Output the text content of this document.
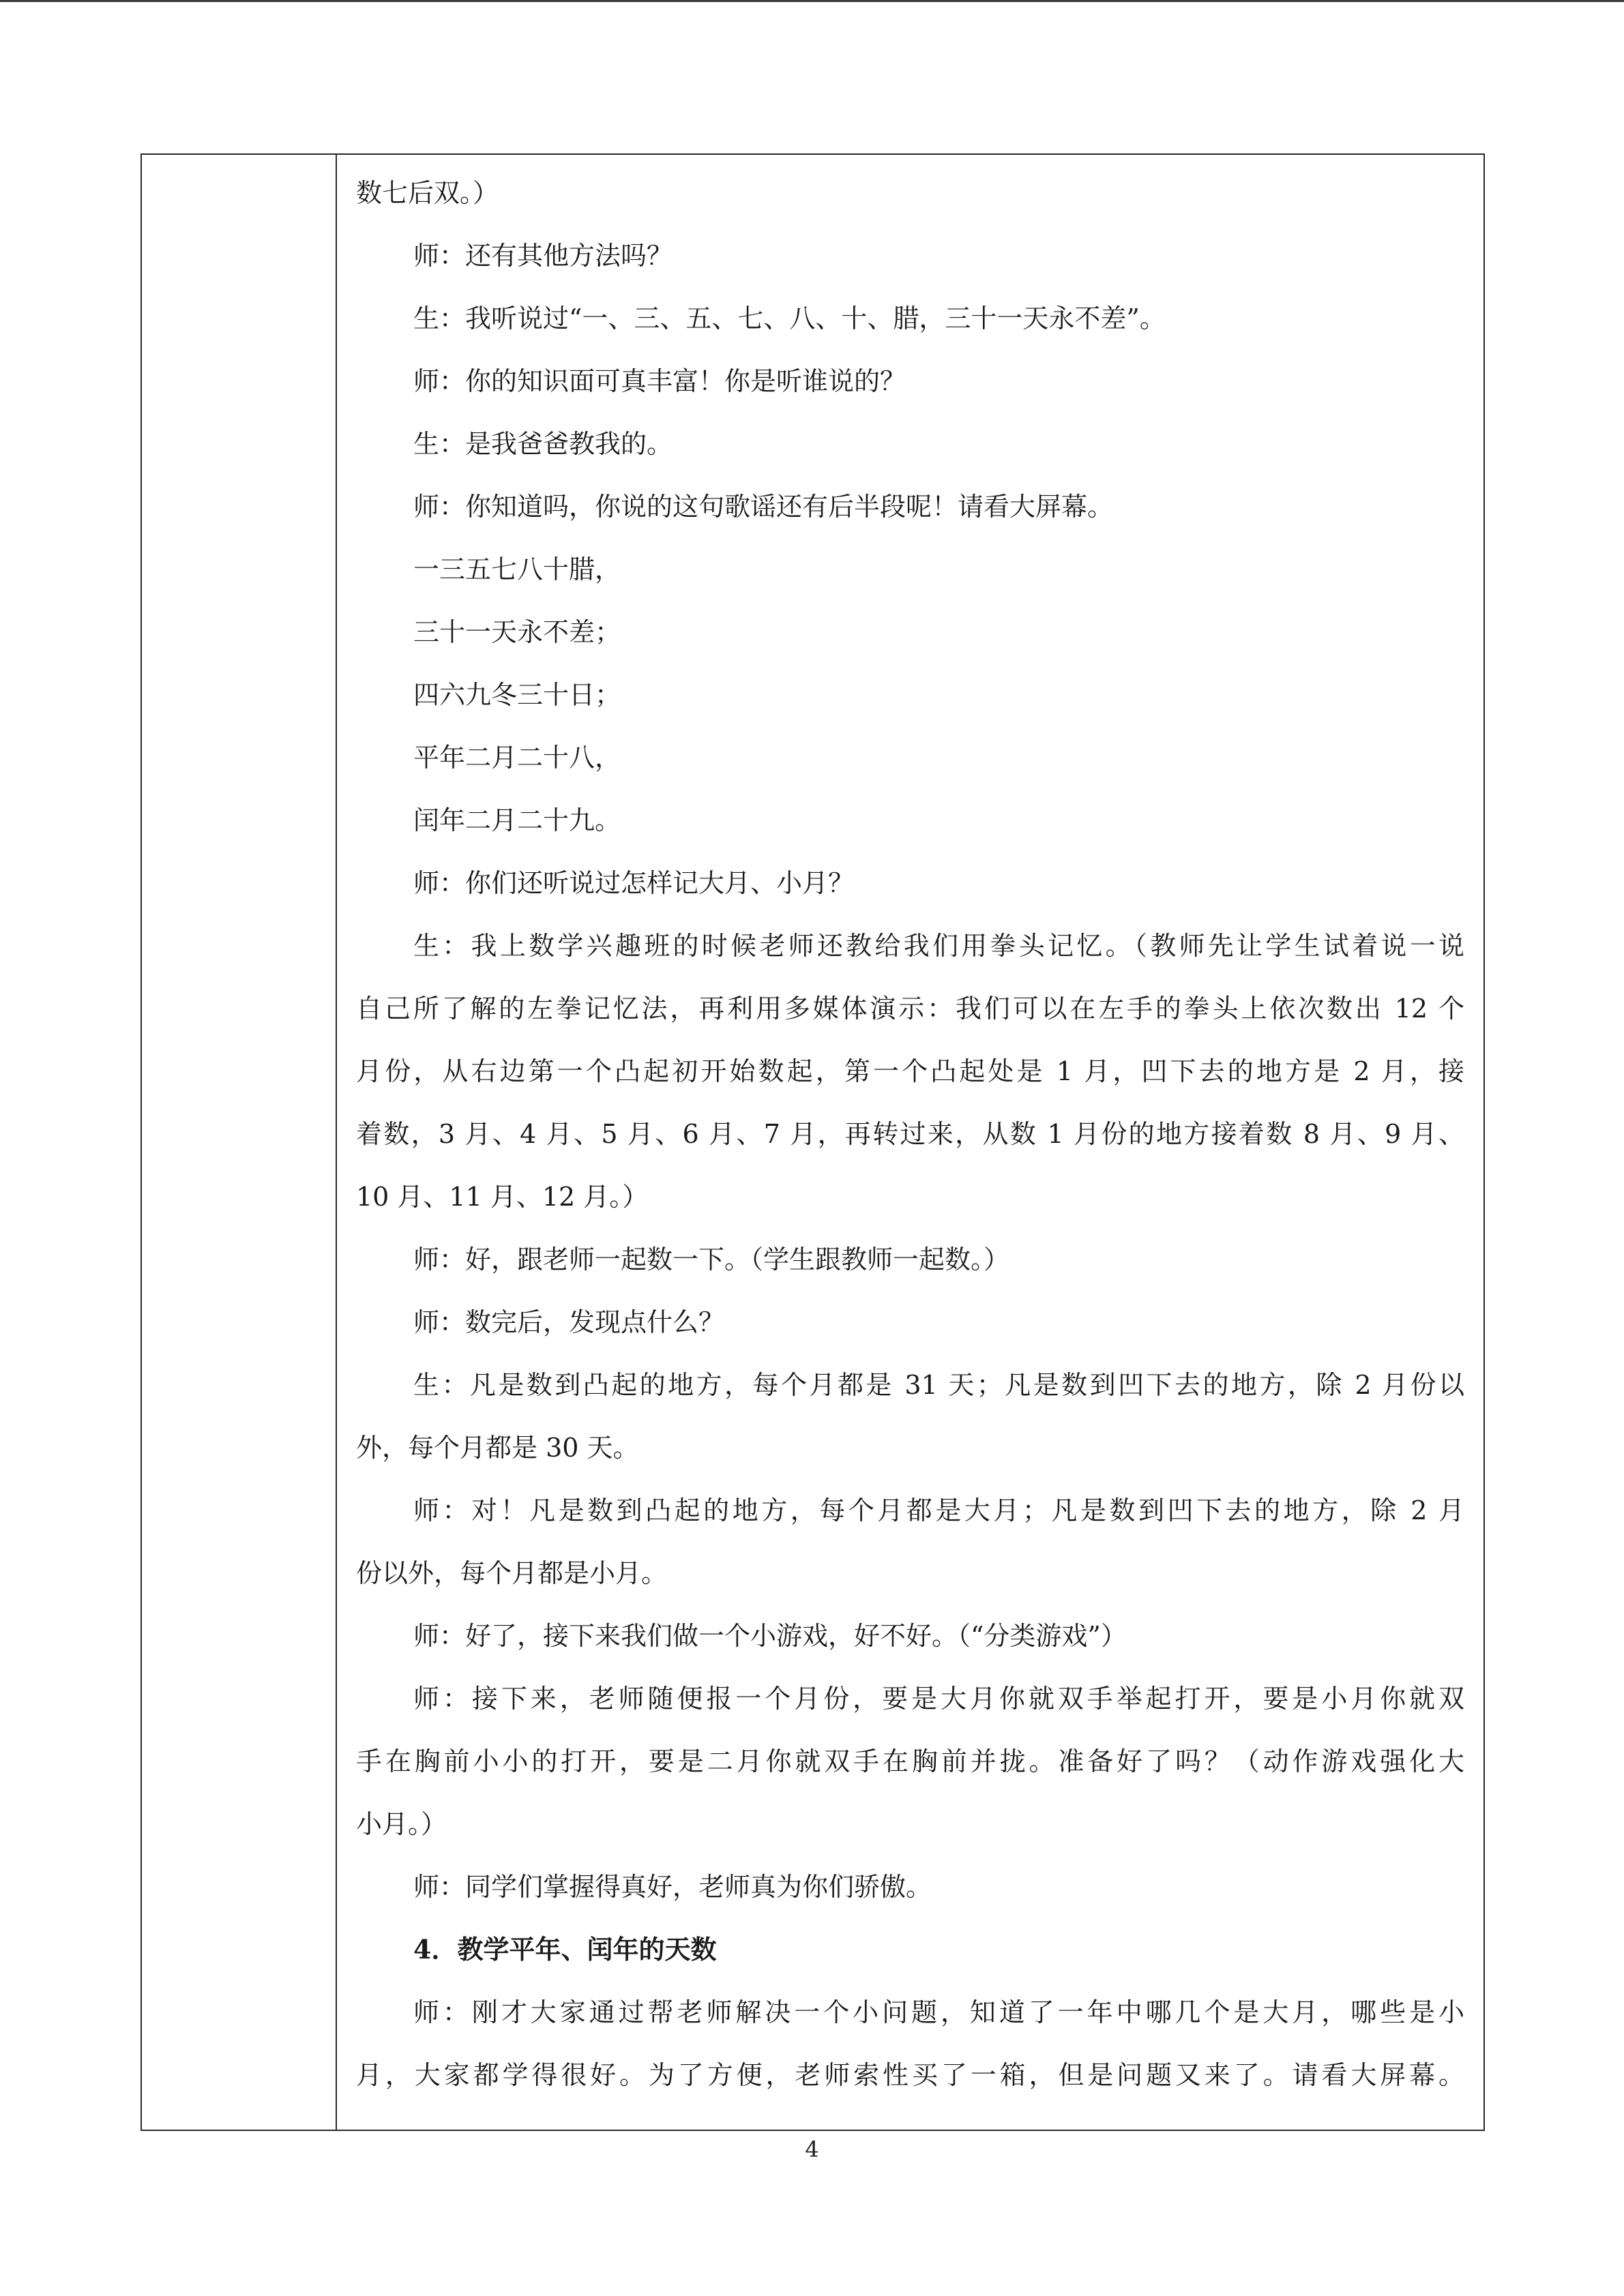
数七后双。）
师：还有其他方法吗？
生：我听说过“一、三、五、七、八、十、腊，三十一天永不差”。
师：你的知识面可真丰富！你是听谁说的？
生：是我爸爸教我的。
师：你知道吗，你说的这句歌谣还有后半段呢！请看大屏幕。
一三五七八十腊，
三十一天永不差；
四六九冬三十日；
平年二月二十八，
闰年二月二十九。
师：你们还听说过怎样记大月、小月？
生：我上数学兴趣班的时候老师还教给我们用拳头记忆。（教师先让学生试着说一说
自己所了解的左拳记忆法，再利用多媒体演示：我们可以在左手的拳头上依次数出 12 个
月份，从右边第一个凸起初开始数起，第一个凸起处是 1 月，凹下去的地方是 2 月，接
着数，3 月、4 月、5 月、6 月、7 月，再转过来，从数 1 月份的地方接着数 8 月、9 月、
10 月、11 月、12 月。）
师：好，跟老师一起数一下。（学生跟教师一起数。）
师：数完后，发现点什么？
生：凡是数到凸起的地方，每个月都是 31 天；凡是数到凹下去的地方，除 2 月份以
外，每个月都是 30 天。
师：对！凡是数到凸起的地方，每个月都是大月；凡是数到凹下去的地方，除 2 月
份以外，每个月都是小月。
师：好了，接下来我们做一个小游戏，好不好。（“分类游戏”）
师：接下来，老师随便报一个月份，要是大月你就双手举起打开，要是小月你就双
手在胸前小小的打开，要是二月你就双手在胸前并拢。准备好了吗？（动作游戏强化大
小月。）
师：同学们掌握得真好，老师真为你们骄傲。
4．教学平年、闰年的天数
师：刚才大家通过帮老师解决一个小问题，知道了一年中哪几个是大月，哪些是小
月，大家都学得很好。为了方便，老师索性买了一箱，但是问题又来了。请看大屏幕。
4
